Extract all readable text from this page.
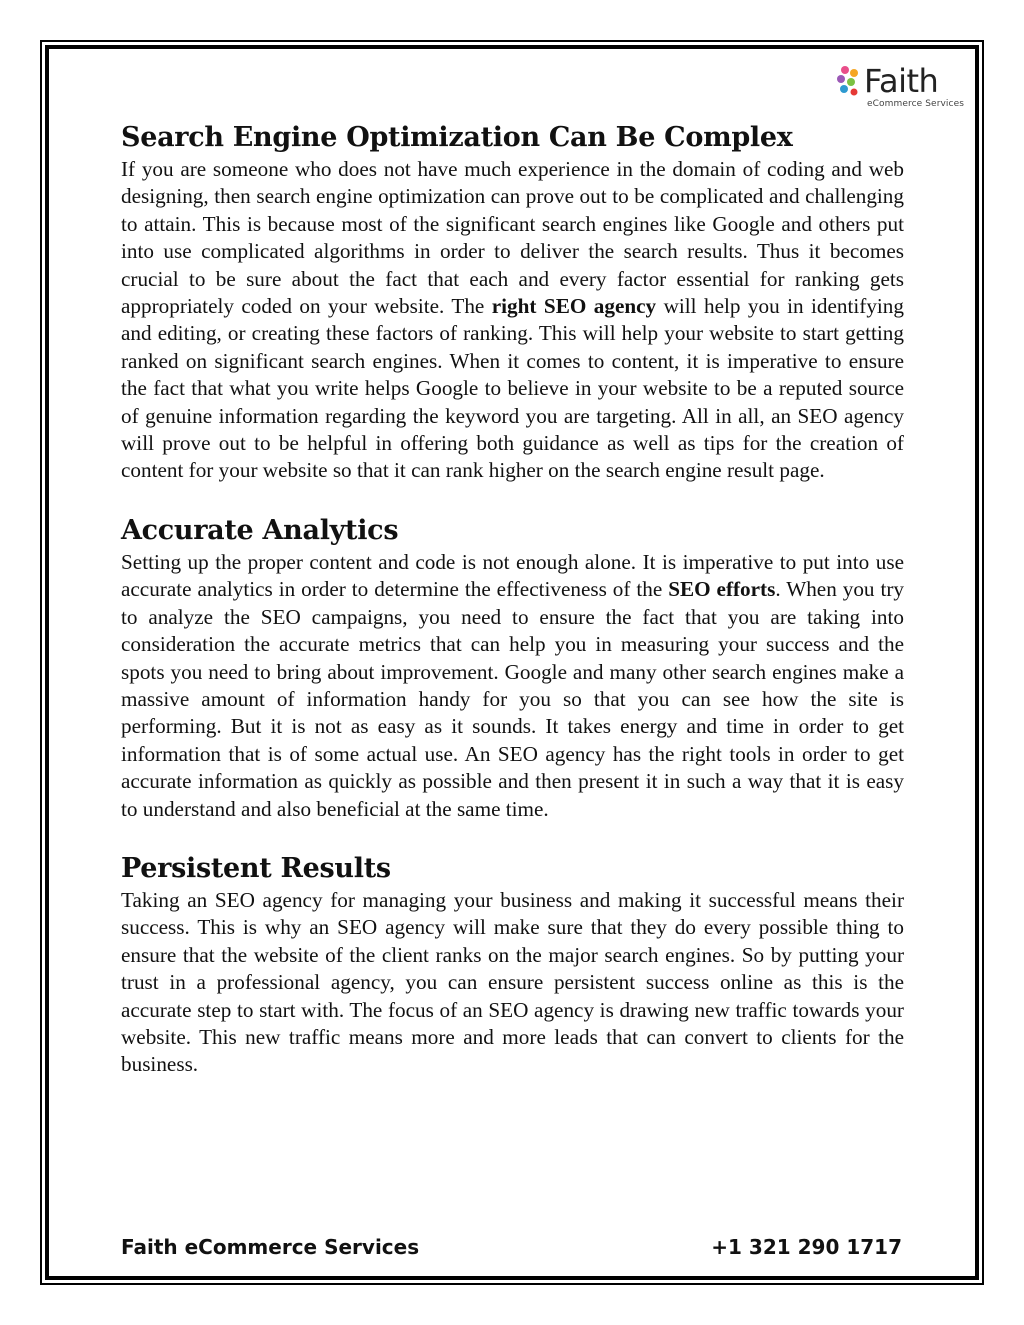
Faith
eCommerce Services
Search Engine Optimization Can Be Complex

If you are someone who does not have much experience in the domain of coding and web designing, then search engine optimization can prove out to be complicated and challenging to attain. This is because most of the significant search engines like Google and others put into use complicated algorithms in order to deliver the search results. Thus it becomes crucial to be sure about the fact that each and every factor essential for ranking gets appropriately coded on your website. The right SEO agency will help you in identifying and editing, or creating these factors of ranking. This will help your website to start getting ranked on significant search engines. When it comes to content, it is imperative to ensure the fact that what you write helps Google to believe in your website to be a reputed source of genuine information regarding the keyword you are targeting. All in all, an SEO agency will prove out to be helpful in offering both guidance as well as tips for the creation of content for your website so that it can rank higher on the search engine result page.

Accurate Analytics

Setting up the proper content and code is not enough alone. It is imperative to put into use accurate analytics in order to determine the effectiveness of the SEO efforts. When you try to analyze the SEO campaigns, you need to ensure the fact that you are taking into consideration the accurate metrics that can help you in measuring your success and the spots you need to bring about improvement. Google and many other search engines make a massive amount of information handy for you so that you can see how the site is performing. But it is not as easy as it sounds. It takes energy and time in order to get information that is of some actual use. An SEO agency has the right tools in order to get accurate information as quickly as possible and then present it in such a way that it is easy to understand and also beneficial at the same time.

Persistent Results

Taking an SEO agency for managing your business and making it successful means their success. This is why an SEO agency will make sure that they do every possible thing to ensure that the website of the client ranks on the major search engines. So by putting your trust in a professional agency, you can ensure persistent success online as this is the accurate step to start with. The focus of an SEO agency is drawing new traffic towards your website. This new traffic means more and more leads that can convert to clients for the business.

Faith eCommerce Services	+1 321 290 1717
